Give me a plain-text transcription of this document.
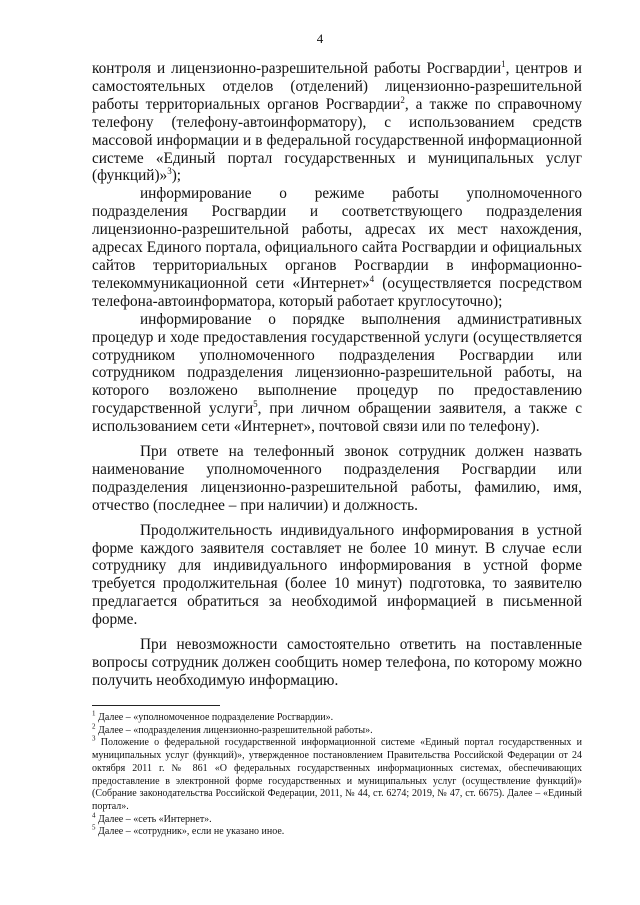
4

контроля и лицензионно-разрешительной работы Росгвардии$^1$, центров и самостоятельных отделов (отделений) лицензионно-разрешительной работы территориальных органов Росгвардии$^2$, а также по справочному телефону (телефону-автоинформатору), с использованием средств массовой информации и в федеральной государственной информационной системе «Единый портал государственных и муниципальных услуг (функций)»$^3$);

информирование о режиме работы уполномоченного подразделения Росгвардии и соответствующего подразделения лицензионно-разрешительной работы, адресах их мест нахождения, адресах Единого портала, официального сайта Росгвардии и официальных сайтов территориальных органов Росгвардии в информационно-телекоммуникационной сети «Интернет»$^4$ (осуществляется посредством телефона-автоинформатора, который работает круглосуточно);

информирование о порядке выполнения административных процедур и ходе предоставления государственной услуги (осуществляется сотрудником уполномоченного подразделения Росгвардии или сотрудником подразделения лицензионно-разрешительной работы, на которого возложено выполнение процедур по предоставлению государственной услуги$^5$, при личном обращении заявителя, а также с использованием сети «Интернет», почтовой связи или по телефону).

При ответе на телефонный звонок сотрудник должен назвать наименование уполномоченного подразделения Росгвардии или подразделения лицензионно-разрешительной работы, фамилию, имя, отчество (последнее – при наличии) и должность.

Продолжительность индивидуального информирования в устной форме каждого заявителя составляет не более 10 минут. В случае если сотруднику для индивидуального информирования в устной форме требуется продолжительная (более 10 минут) подготовка, то заявителю предлагается обратиться за необходимой информацией в письменной форме.

При невозможности самостоятельно ответить на поставленные вопросы сотрудник должен сообщить номер телефона, по которому можно получить необходимую информацию.

$^1$ Далее – «уполномоченное подразделение Росгвардии».

$^2$ Далее – «подразделения лицензионно-разрешительной работы».

$^3$ Положение о федеральной государственной информационной системе «Единый портал государственных и муниципальных услуг (функций)», утвержденное постановлением Правительства Российской Федерации от 24 октября 2011 г. № 861 «О федеральных государственных информационных системах, обеспечивающих предоставление в электронной форме государственных и муниципальных услуг (осуществление функций)» (Собрание законодательства Российской Федерации, 2011, № 44, ст. 6274; 2019, № 47, ст. 6675). Далее – «Единый портал».

$^4$ Далее – «сеть «Интернет».

$^5$ Далее – «сотрудник», если не указано иное.
